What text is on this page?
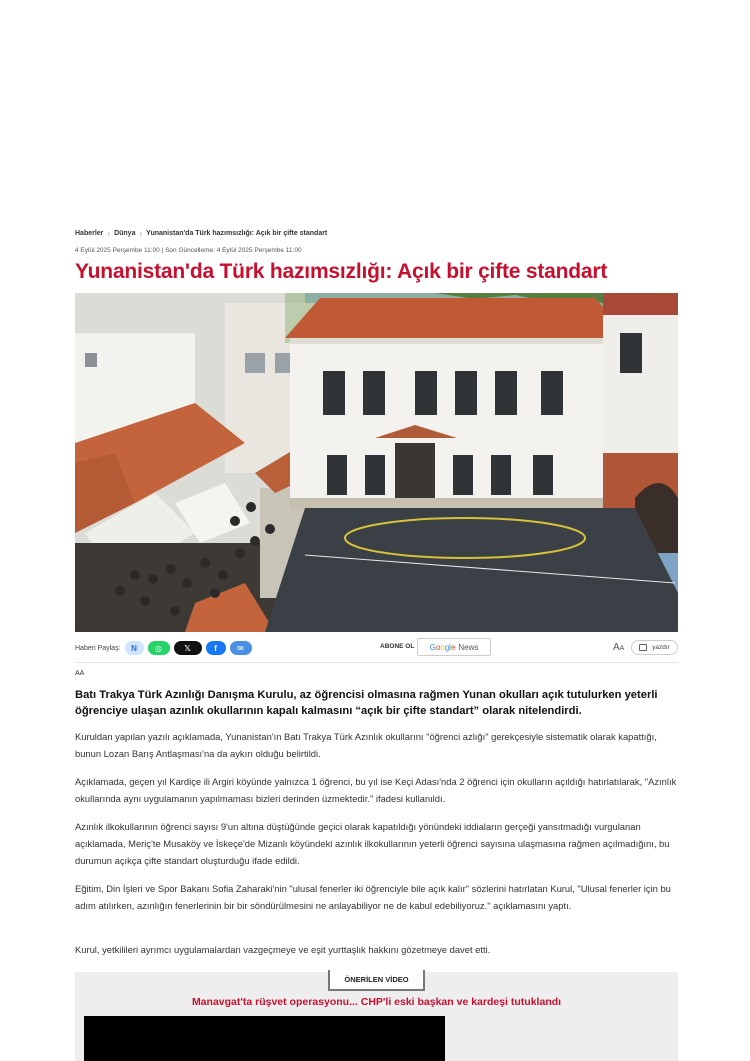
Haberler › Dünya › Yunanistan'da Türk hazımsızlığı: Açık bir çifte standart
4 Eylül 2025 Perşembe 11:00 | Son Güncelleme: 4 Eylül 2025 Perşembe 11:00
Yunanistan'da Türk hazımsızlığı: Açık bir çifte standart
Haberi Paylaş:	N	◎	𝕏	f	✉	ABONE OL G o o g l e News	AA	yazdır
AA

Batı Trakya Türk Azınlığı Danışma Kurulu, az öğrencisi olmasına rağmen Yunan okulları açık tutulurken yeterli öğrenciye ulaşan azınlık okullarının kapalı kalmasını “açık bir çifte standart” olarak nitelendirdi.

Kuruldan yapılan yazılı açıklamada, Yunanistan'ın Batı Trakya Türk Azınlık okullarını "öğrenci azlığı" gerekçesiyle sistematik olarak kapattığı, bunun Lozan Barış Antlaşması'na da aykırı olduğu belirtildi.

Açıklamada, geçen yıl Kardiçe ili Argiri köyünde yalnızca 1 öğrenci, bu yıl ise Keçi Adası'nda 2 öğrenci için okulların açıldığı hatırlatılarak, "Azınlık okullarında aynı uygulamanın yapılmaması bizleri derinden üzmektedir." ifadesi kullanıldı.

Azınlık ilkokullarının öğrenci sayısı 9'un altına düştüğünde geçici olarak kapatıldığı yönündeki iddiaların gerçeği yansıtmadığı vurgulanan açıklamada, Meriç'te Musaköy ve İskeçe'de Mizanlı köyündeki azınlık ilkokullarının yeterli öğrenci sayısına ulaşmasına rağmen açılmadığını, bu durumun açıkça çifte standart oluşturduğu ifade edildi.

Eğitim, Din İşleri ve Spor Bakanı Sofia Zaharaki'nin "ulusal fenerler iki öğrenciyle bile açık kalır" sözlerini hatırlatan Kurul, "Ulusal fenerler için bu adım atılırken, azınlığın fenerlerinin bir bir söndürülmesini ne anlayabiliyor ne de kabul edebiliyoruz." açıklamasını yaptı.

Kurul, yetkilileri ayrımcı uygulamalardan vazgeçmeye ve eşit yurttaşlık hakkını gözetmeye davet etti.

ÖNERİLEN VİDEO
Manavgat'ta rüşvet operasyonu... CHP'li eski başkan ve kardeşi tutuklandı
